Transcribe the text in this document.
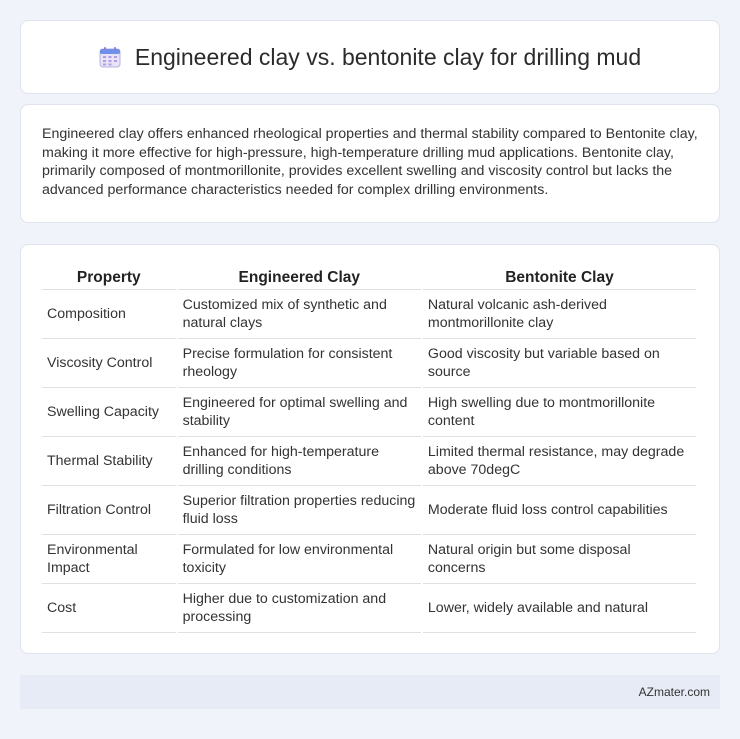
Engineered clay vs. bentonite clay for drilling mud

Engineered clay offers enhanced rheological properties and thermal stability compared to Bentonite clay, making it more effective for high-pressure, high-temperature drilling mud applications. Bentonite clay, primarily composed of montmorillonite, provides excellent swelling and viscosity control but lacks the advanced performance characteristics needed for complex drilling environments.

Property	Engineered Clay	Bentonite Clay
Composition	Customized mix of synthetic and natural clays	Natural volcanic ash-derived montmorillonite clay
Viscosity Control	Precise formulation for consistent rheology	Good viscosity but variable based on source
Swelling Capacity	Engineered for optimal swelling and stability	High swelling due to montmorillonite content
Thermal Stability	Enhanced for high-temperature drilling conditions	Limited thermal resistance, may degrade above 70degC
Filtration Control	Superior filtration properties reducing fluid loss	Moderate fluid loss control capabilities
Environmental Impact	Formulated for low environmental toxicity	Natural origin but some disposal concerns
Cost	Higher due to customization and processing	Lower, widely available and natural
AZmater.com
